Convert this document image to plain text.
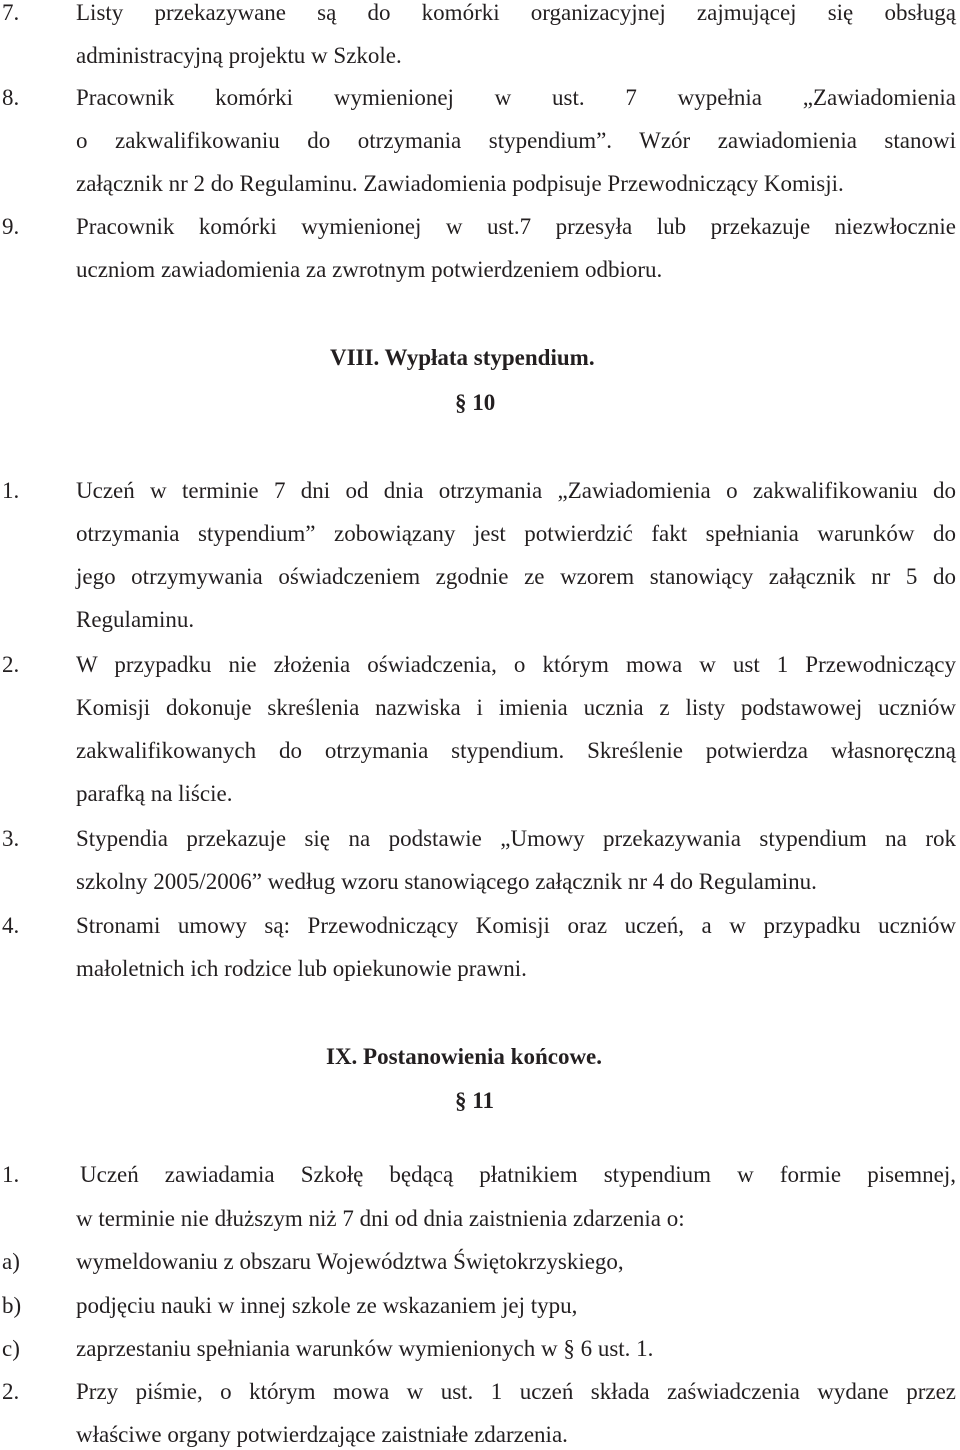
7. Listy przekazywane są do komórki organizacyjnej zajmującej się obsługą
administracyjną projektu w Szkole.
8. Pracownik komórki wymienionej w ust. 7 wypełnia „Zawiadomienia
o zakwalifikowaniu do otrzymania stypendium”. Wzór zawiadomienia stanowi
załącznik nr 2 do Regulaminu. Zawiadomienia podpisuje Przewodniczący Komisji.
9. Pracownik komórki wymienionej w ust.7 przesyła lub przekazuje niezwłocznie
uczniom zawiadomienia za zwrotnym potwierdzeniem odbioru.
VIII. Wypłata stypendium.
§ 10
1. Uczeń w terminie 7 dni od dnia otrzymania „Zawiadomienia o zakwalifikowaniu do
otrzymania stypendium” zobowiązany jest potwierdzić fakt spełniania warunków do
jego otrzymywania oświadczeniem zgodnie ze wzorem stanowiący załącznik nr 5 do
Regulaminu.
2. W przypadku nie złożenia oświadczenia, o którym mowa w ust 1 Przewodniczący
Komisji dokonuje skreślenia nazwiska i imienia ucznia z listy podstawowej uczniów
zakwalifikowanych do otrzymania stypendium. Skreślenie potwierdza własnoręczną
parafką na liście.
3. Stypendia przekazuje się na podstawie „Umowy przekazywania stypendium na rok
szkolny 2005/2006” według wzoru stanowiącego załącznik nr 4 do Regulaminu.
4. Stronami umowy są: Przewodniczący Komisji oraz uczeń, a w przypadku uczniów
małoletnich ich rodzice lub opiekunowie prawni.
IX. Postanowienia końcowe.
§ 11
1.	Uczeń zawiadamia Szkołę będącą płatnikiem stypendium w formie pisemnej,
w terminie nie dłuższym niż 7 dni od dnia zaistnienia zdarzenia o:
a) wymeldowaniu z obszaru Województwa Świętokrzyskiego,
b) podjęciu nauki w innej szkole ze wskazaniem jej typu,
c) zaprzestaniu spełniania warunków wymienionych w § 6 ust. 1.
2. Przy piśmie, o którym mowa w ust. 1 uczeń składa zaświadczenia wydane przez
właściwe organy potwierdzające zaistniałe zdarzenia.
